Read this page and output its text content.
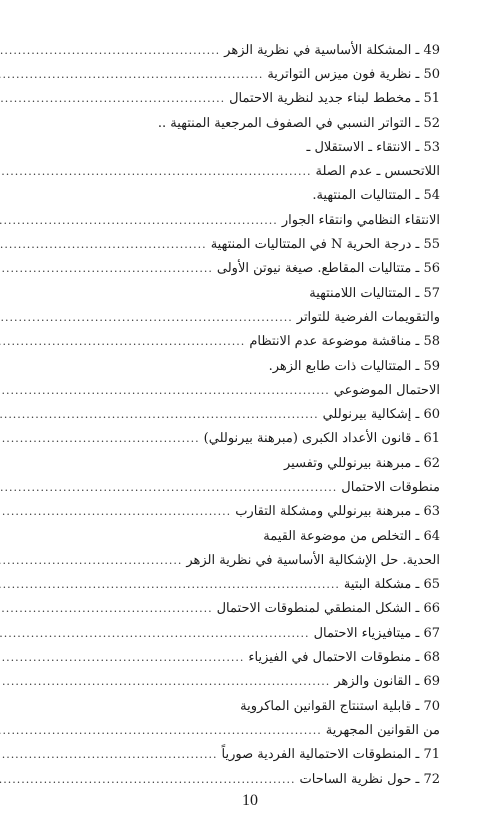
49 ـ المشكلة الأساسية في نظرية الزهر
.....
50 ـ نظرية فون ميزس التواترية
.....
51 ـ مخطط لبناء جديد لنظرية الاحتمال
.....
52 ـ التواتر النسبي في الصفوف المرجعية المنتهية ..
53 ـ الانتقاء ـ الاستقلال ـ
اللاتحسس ـ عدم الصلة
.....
54 ـ المتتاليات المنتهية.
الانتقاء النظامي وانتقاء الجوار
.....
55 ـ درجة الحرية N في المتتاليات المنتهية
.....
56 ـ متتاليات المقاطع. صيغة نيوتن الأولى
.....
57 ـ المتتاليات اللامنتهية
والتقويمات الفرضية للتواتر
.....
58 ـ مناقشة موضوعة عدم الانتظام
.....
59 ـ المتتاليات ذات طابع الزهر.
الاحتمال الموضوعي
.....
60 ـ إشكالية بيرنوللي
.....
61 ـ قانون الأعداد الكبرى (مبرهنة بيرنوللي)
.....
62 ـ مبرهنة بيرنوللي وتفسير
منطوقات الاحتمال
.....
63 ـ مبرهنة بيرنوللي ومشكلة التقارب
.....
64 ـ التخلص من موضوعة القيمة
الحدية. حل الإشكالية الأساسية في نظرية الزهر
.....
65 ـ مشكلة البتية
.....
66 ـ الشكل المنطقي لمنطوقات الاحتمال
.....
67 ـ ميتافيزياء الاحتمال
.....
68 ـ منطوقات الاحتمال في الفيزياء
.....
69 ـ القانون والزهر
.....
70 ـ قابلية استنتاج القوانين الماكروية
من القوانين المجهرية
.....
71 ـ المنطوقات الاحتمالية الفردية صورياً
.....
72 ـ حول نظرية الساحات
.....
10
